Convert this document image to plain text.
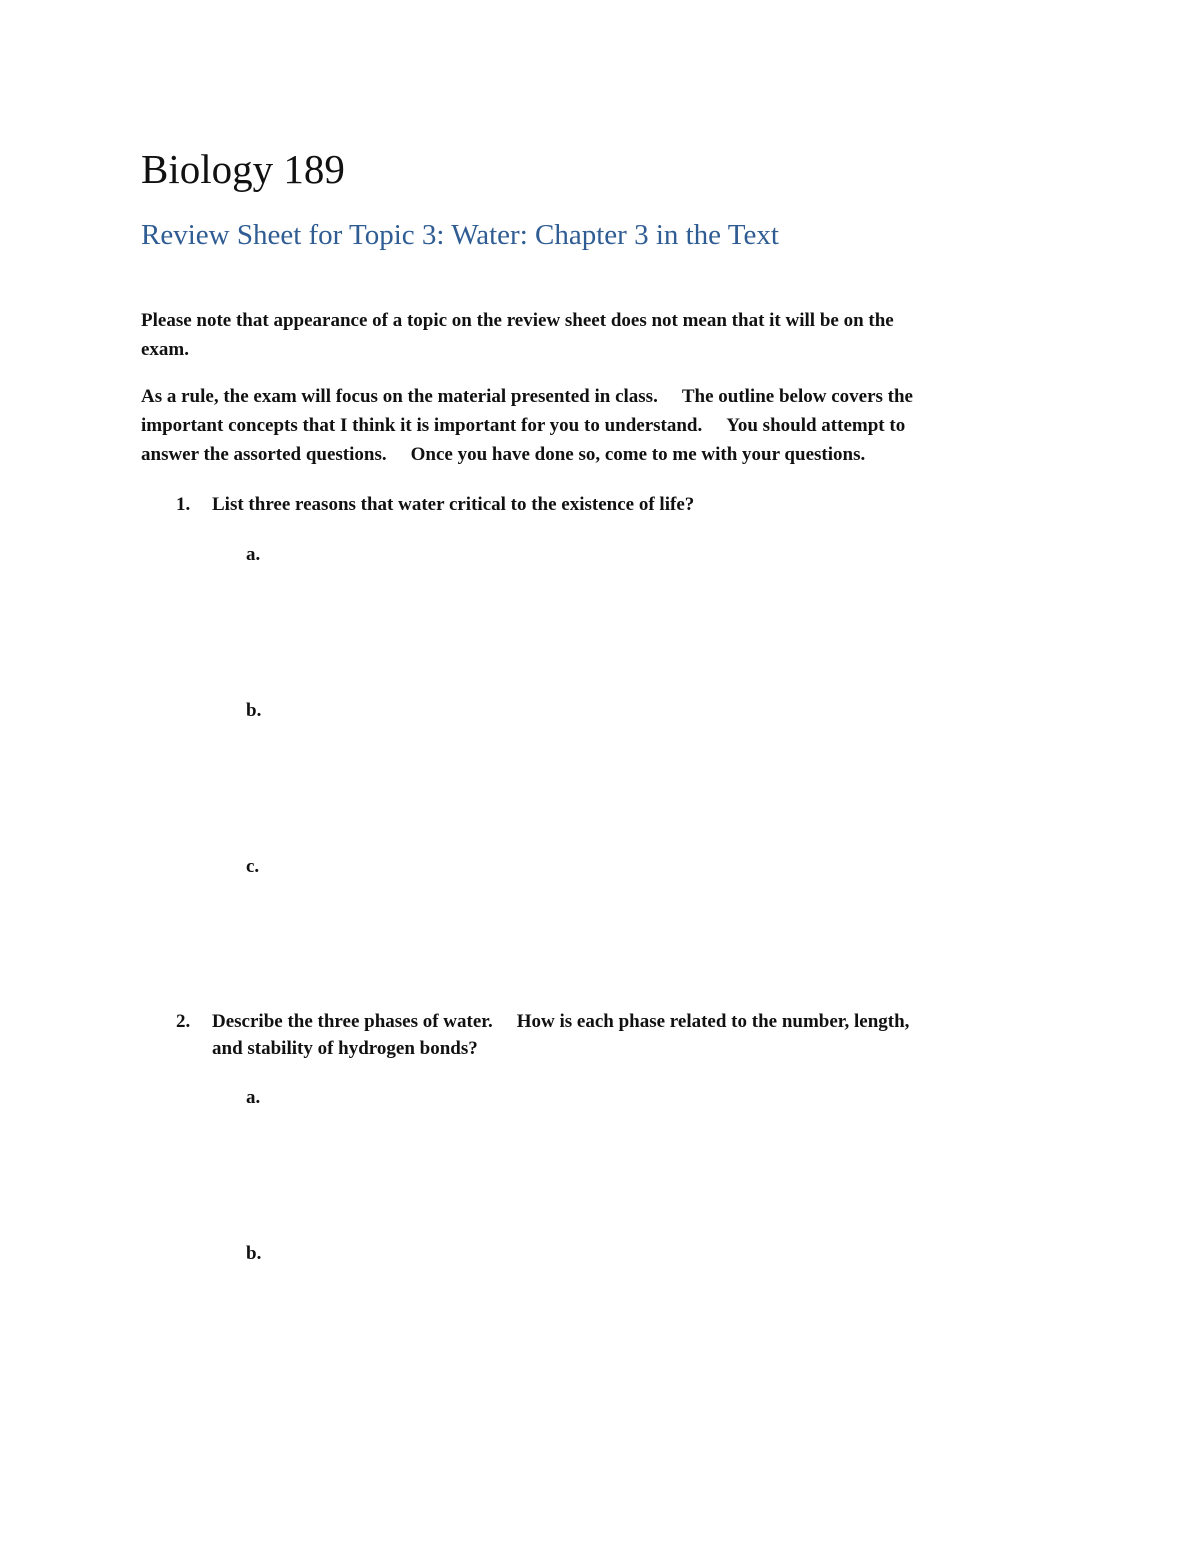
Biology 189
Review Sheet for Topic 3: Water: Chapter 3 in the Text

Please note that appearance of a topic on the review sheet does not mean that it will be on the
exam.

As a rule, the exam will focus on the material presented in class. The outline below covers the
important concepts that I think it is important for you to understand. You should attempt to
answer the assorted questions. Once you have done so, come to me with your questions.

1. List three reasons that water critical to the existence of life?
a.
b.
c.
2. Describe the three phases of water. How is each phase related to the number, length,
and stability of hydrogen bonds?
a.
b.
